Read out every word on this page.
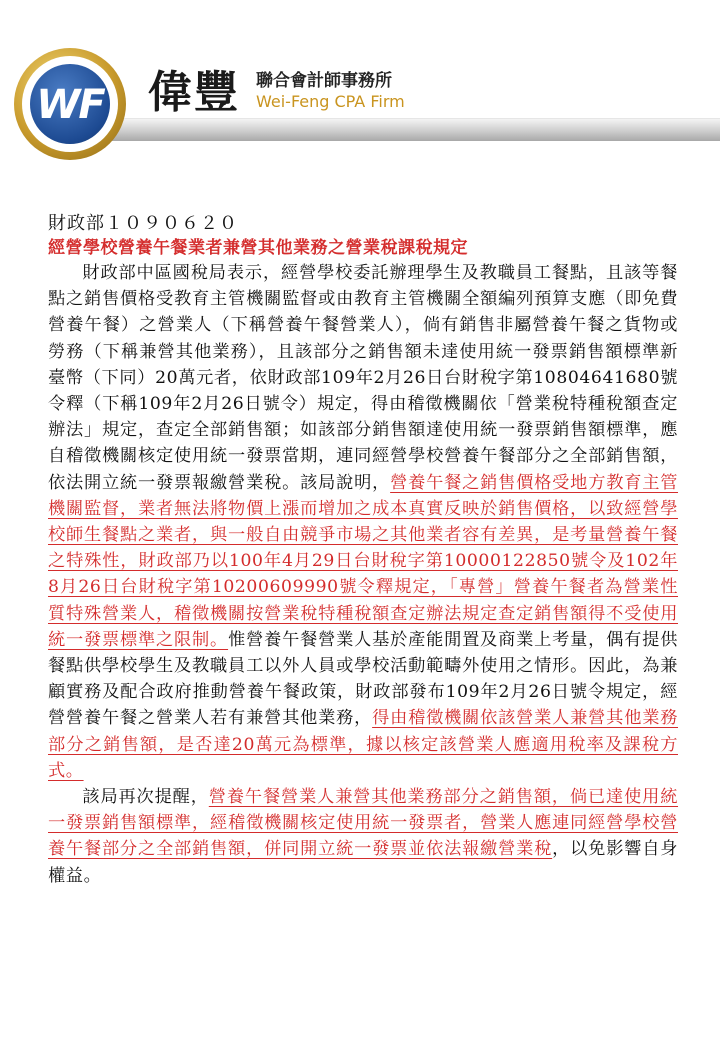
WF 偉豐 聯合會計師事務所
Wei-Feng CPA Firm
財政部１０９０６２０
經營學校營養午餐業者兼營其他業務之營業稅課稅規定

財政部中區國稅局表示，經營學校委託辦理學生及教職員工餐點，且該等餐點之銷售價格受教育主管機關監督或由教育主管機關全額編列預算支應（即免費營養午餐）之營業人（下稱營養午餐營業人），倘有銷售非屬營養午餐之貨物或勞務（下稱兼營其他業務），且該部分之銷售額未達使用統一發票銷售額標準新臺幣（下同）20萬元者，依財政部109年2月26日台財稅字第10804641680號令釋（下稱109年2月26日號令）規定，得由稽徵機關依「營業稅特種稅額查定辦法」規定，查定全部銷售額；如該部分銷售額達使用統一發票銷售額標準，應自稽徵機關核定使用統一發票當期，連同經營學校營養午餐部分之全部銷售額，依法開立統一發票報繳營業稅。該局說明，營養午餐之銷售價格受地方教育主管機關監督，業者無法將物價上漲而增加之成本真實反映於銷售價格，以致經營學校師生餐點之業者，與一般自由競爭市場之其他業者容有差異，是考量營養午餐之特殊性，財政部乃以100年4月29日台財稅字第10000122850號令及102年8月26日台財稅字第10200609990號令釋規定，「專營」營養午餐者為營業性質特殊營業人，稽徵機關按營業稅特種稅額查定辦法規定查定銷售額得不受使用統一發票標準之限制。惟營養午餐營業人基於產能閒置及商業上考量，偶有提供餐點供學校學生及教職員工以外人員或學校活動範疇外使用之情形。因此，為兼顧實務及配合政府推動營養午餐政策，財政部發布109年2月26日號令規定，經營營養午餐之營業人若有兼營其他業務，得由稽徵機關依該營業人兼營其他業務部分之銷售額，是否達20萬元為標準，據以核定該營業人應適用稅率及課稅方式。

該局再次提醒，營養午餐營業人兼營其他業務部分之銷售額，倘已達使用統一發票銷售額標準，經稽徵機關核定使用統一發票者，營業人應連同經營學校營養午餐部分之全部銷售額，併同開立統一發票並依法報繳營業稅，以免影響自身權益。
